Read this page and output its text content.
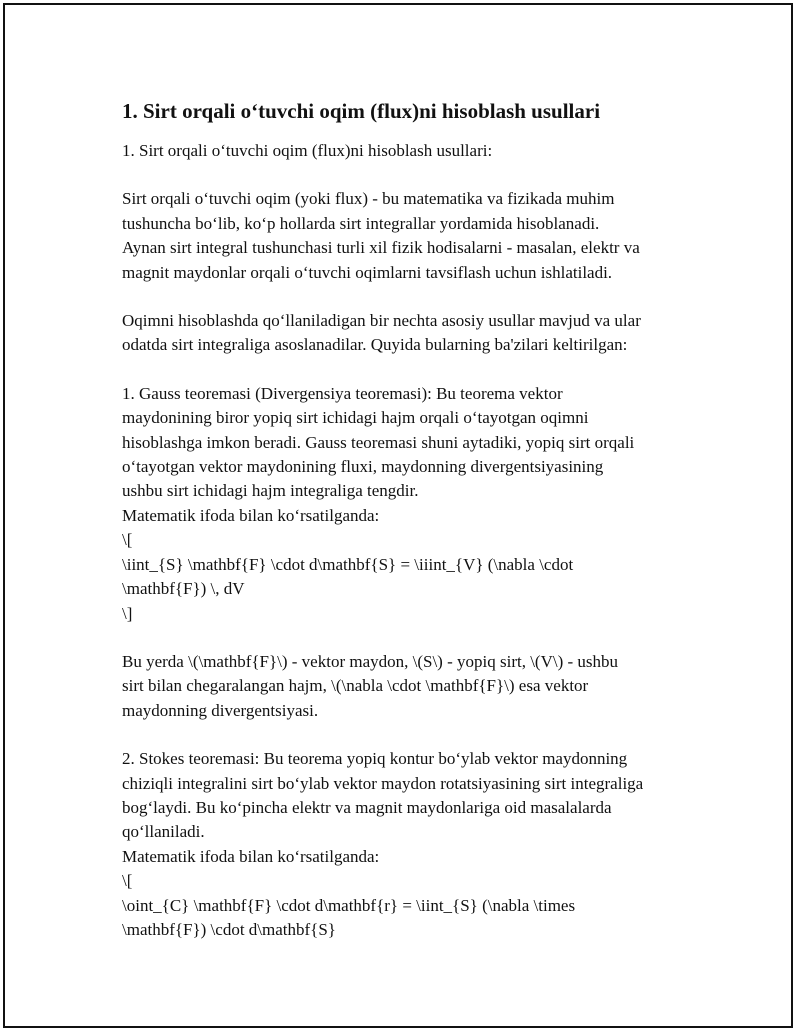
1. Sirt orqali o‘tuvchi oqim (flux)ni hisoblash usullari

1. Sirt orqali o‘tuvchi oqim (flux)ni hisoblash usullari:

Sirt orqali o‘tuvchi oqim (yoki flux) - bu matematika va fizikada muhim
tushuncha bo‘lib, ko‘p hollarda sirt integrallar yordamida hisoblanadi.
Aynan sirt integral tushunchasi turli xil fizik hodisalarni - masalan, elektr va
magnit maydonlar orqali o‘tuvchi oqimlarni tavsiflash uchun ishlatiladi.

Oqimni hisoblashda qo‘llaniladigan bir nechta asosiy usullar mavjud va ular
odatda sirt integraliga asoslanadilar. Quyida bularning ba'zilari keltirilgan:

1. Gauss teoremasi (Divergensiya teoremasi): Bu teorema vektor
maydonining biror yopiq sirt ichidagi hajm orqali o‘tayotgan oqimni
hisoblashga imkon beradi. Gauss teoremasi shuni aytadiki, yopiq sirt orqali
o‘tayotgan vektor maydonining fluxi, maydonning divergentsiyasining
ushbu sirt ichidagi hajm integraliga tengdir.
Matematik ifoda bilan ko‘rsatilganda:
\[
\iint_{S} \mathbf{F} \cdot d\mathbf{S} = \iiint_{V} (\nabla \cdot
\mathbf{F}) \, dV
\]

Bu yerda \(\mathbf{F}\) - vektor maydon, \(S\) - yopiq sirt, \(V\) - ushbu
sirt bilan chegaralangan hajm, \(\nabla \cdot \mathbf{F}\) esa vektor
maydonning divergentsiyasi.

2. Stokes teoremasi: Bu teorema yopiq kontur bo‘ylab vektor maydonning
chiziqli integralini sirt bo‘ylab vektor maydon rotatsiyasining sirt integraliga
bog‘laydi. Bu ko‘pincha elektr va magnit maydonlariga oid masalalarda
qo‘llaniladi.
Matematik ifoda bilan ko‘rsatilganda:
\[
\oint_{C} \mathbf{F} \cdot d\mathbf{r} = \iint_{S} (\nabla \times
\mathbf{F}) \cdot d\mathbf{S}
